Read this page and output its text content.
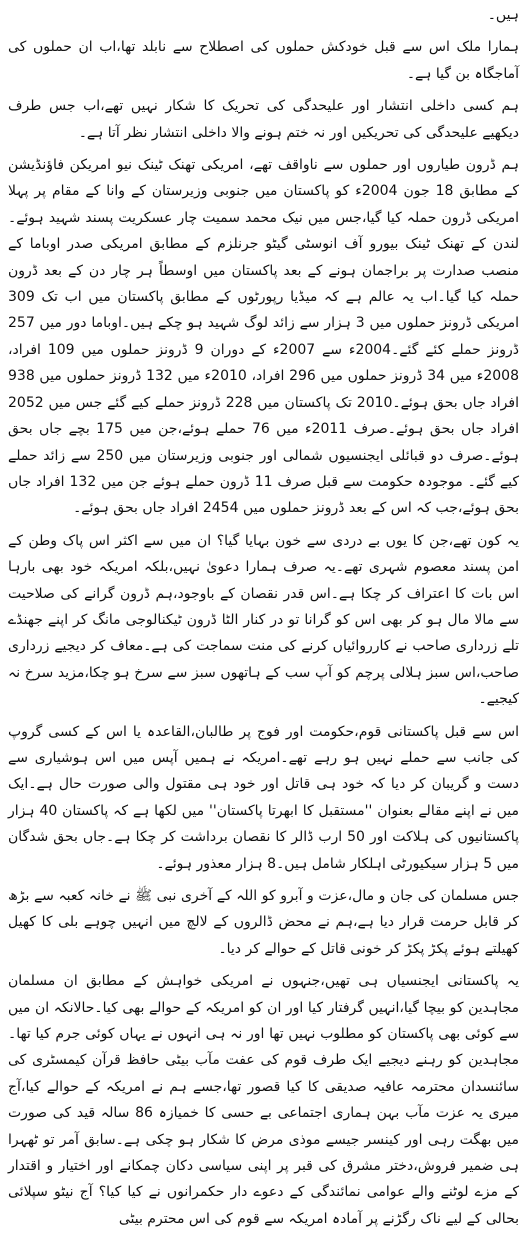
ہیں۔

ہمارا ملک اس سے قبل خودکش حملوں کی اصطلاح سے نابلد تھا،اب ان حملوں کی آماجگاہ بن گیا ہے۔

ہم کسی داخلی انتشار اور علیحدگی کی تحریک کا شکار نہیں تھے،اب جس طرف دیکھیے علیحدگی کی تحریکیں اور نہ ختم ہونے والا داخلی انتشار نظر آتا ہے۔

ہم ڈرون طیاروں اور حملوں سے ناواقف تھے، امریکی تھنک ٹینک نیو امریکن فاؤنڈیشن کے مطابق 18 جون 2004ء کو پاکستان میں جنوبی وزیرستان کے وانا کے مقام پر پہلا امریکی ڈرون حملہ کیا گیا،جس میں نیک محمد سمیت چار عسکریت پسند شہید ہوئے۔لندن کے تھنک ٹینک بیورو آف انوسٹی گیٹو جرنلزم کے مطابق امریکی صدر اوباما کے منصب صدارت پر براجمان ہونے کے بعد پاکستان میں اوسطاً ہر چار دن کے بعد ڈرون حملہ کیا گیا۔اب یہ عالم ہے کہ میڈیا رپورٹوں کے مطابق پاکستان میں اب تک 309 امریکی ڈرونز حملوں میں 3 ہزار سے زائد لوگ شہید ہو چکے ہیں۔اوباما دور میں 257 ڈرونز حملے کئے گئے۔2004ء سے 2007ء کے دوران 9 ڈرونز حملوں میں 109 افراد، 2008ء میں 34 ڈرونز حملوں میں 296 افراد، 2010ء میں 132 ڈرونز حملوں میں 938 افراد جاں بحق ہوئے۔2010 تک پاکستان میں 228 ڈرونز حملے کیے گئے جس میں 2052 افراد جاں بحق ہوئے۔صرف 2011ء میں 76 حملے ہوئے،جن میں 175 بچے جاں بحق ہوئے۔صرف دو قبائلی ایجنسیوں شمالی اور جنوبی وزیرستان میں 250 سے زائد حملے کیے گئے۔ موجودہ حکومت سے قبل صرف 11 ڈرون حملے ہوئے جن میں 132 افراد جاں بحق ہوئے،جب کہ اس کے بعد ڈرونز حملوں میں 2454 افراد جاں بحق ہوئے۔

یہ کون تھے،جن کا یوں بے دردی سے خون بہایا گیا؟ ان میں سے اکثر اس پاک وطن کے امن پسند معصوم شہری تھے۔یہ صرف ہمارا دعویٰ نہیں،بلکہ امریکہ خود بھی بارہا اس بات کا اعتراف کر چکا ہے۔اس قدر نقصان کے باوجود،ہم ڈرون گرانے کی صلاحیت سے مالا مال ہو کر بھی اس کو گرانا تو در کنار الٹا ڈرون ٹیکنالوجی مانگ کر اپنے جھنڈے تلے زرداری صاحب نے کارروائیاں کرنے کی منت سماجت کی ہے۔معاف کر دیجیے زرداری صاحب،اس سبز ہلالی پرچم کو آپ سب کے ہاتھوں سبز سے سرخ ہو چکا،مزید سرخ نہ کیجیے۔

اس سے قبل پاکستانی قوم،حکومت اور فوج پر طالبان،القاعدہ یا اس کے کسی گروپ کی جانب سے حملے نہیں ہو رہے تھے۔امریکہ نے ہمیں آپس میں اس ہوشیاری سے دست و گریبان کر دیا کہ خود ہی قاتل اور خود ہی مقتول والی صورت حال ہے۔ایک میں نے اپنے مقالے بعنوان ''مستقبل کا ابھرتا پاکستان'' میں لکھا ہے کہ پاکستان 40 ہزار پاکستانیوں کی ہلاکت اور 50 ارب ڈالر کا نقصان برداشت کر چکا ہے۔جاں بحق شدگان میں 5 ہزار سیکیورٹی اہلکار شامل ہیں۔8 ہزار معذور ہوئے۔

جس مسلمان کی جان و مال،عزت و آبرو کو اللہ کے آخری نبی ﷺ نے خانہ کعبہ سے بڑھ کر قابل حرمت قرار دیا ہے،ہم نے محض ڈالروں کے لالچ میں انہیں چوہے بلی کا کھیل کھیلتے ہوئے پکڑ پکڑ کر خونی قاتل کے حوالے کر دیا۔

یہ پاکستانی ایجنسیاں ہی تھیں،جنہوں نے امریکی خواہش کے مطابق ان مسلمان مجاہدین کو بیچا گیا،انہیں گرفتار کیا اور ان کو امریکہ کے حوالے بھی کیا۔حالانکہ ان میں سے کوئی بھی پاکستان کو مطلوب نہیں تھا اور نہ ہی انہوں نے یہاں کوئی جرم کیا تھا۔مجاہدین کو رہنے دیجیے ایک طرف قوم کی عفت مآب بیٹی حافظ قرآن کیمسٹری کی سائنسدان محترمہ عافیہ صدیقی کا کیا قصور تھا،جسے ہم نے امریکہ کے حوالے کیا،آج میری یہ عزت مآب بہن ہماری اجتماعی بے حسی کا خمیازہ 86 سالہ قید کی صورت میں بھگت رہی اور کینسر جیسے موذی مرض کا شکار ہو چکی ہے۔سابق آمر تو ٹھہرا ہی ضمیر فروش،دختر مشرق کی قبر پر اپنی سیاسی دکان چمکانے اور اختیار و اقتدار کے مزے لوٹنے والے عوامی نمائندگی کے دعوے دار حکمرانوں نے کیا کیا؟ آج نیٹو سپلائی بحالی کے لیے ناک رگڑنے پر آمادہ امریکہ سے قوم کی اس محترم بیٹی
